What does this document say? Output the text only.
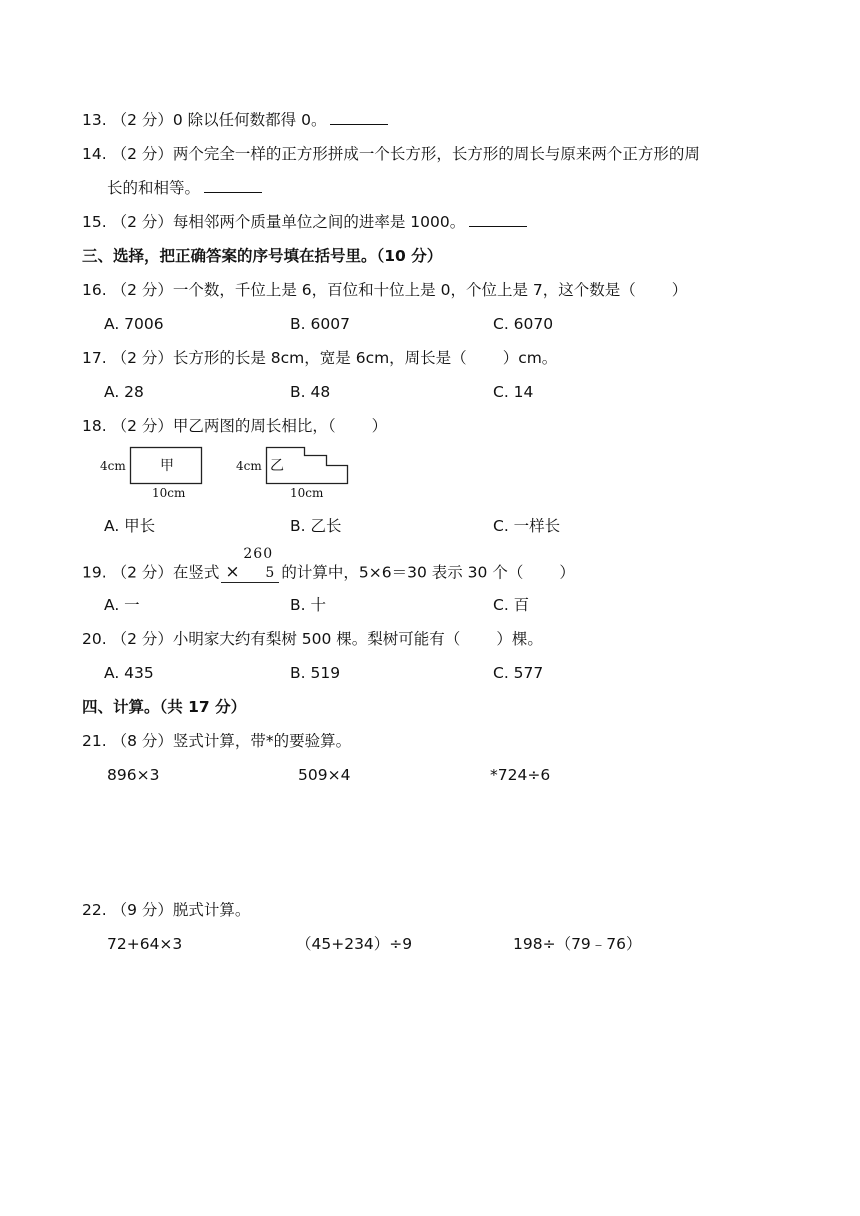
13. （2 分）0 除以任何数都得 0。
14. （2 分）两个完全一样的正方形拼成一个长方形，长方形的周长与原来两个正方形的周
长的和相等。
15. （2 分）每相邻两个质量单位之间的进率是 1000。
三、选择，把正确答案的序号填在括号里。（10 分）
16. （2 分）一个数，千位上是 6，百位和十位上是 0，个位上是 7，这个数是（ ）
A. 7006	B. 6007	C. 6070
17. （2 分）长方形的长是 8cm，宽是 6cm，周长是（ ）cm。
A. 28	B. 48	C. 14
18. （2 分）甲乙两图的周长相比，（ ）
4cm 甲
10cm
4cm 乙
10cm
A. 甲长	B. 乙长	C. 一样长
19. （2 分）在竖式
260
× 5 的计算中，5×6＝30 表示 30 个（ ）
A. 一	B. 十	C. 百
20. （2 分）小明家大约有梨树 500 棵。梨树可能有（ ）棵。
A. 435	B. 519	C. 577
四、计算。（共 17 分）
21. （8 分）竖式计算，带*的要验算。
896×3	509×4	*724÷6
22. （9 分）脱式计算。
72+64×3	（45+234）÷9	198÷（79﹣76）
